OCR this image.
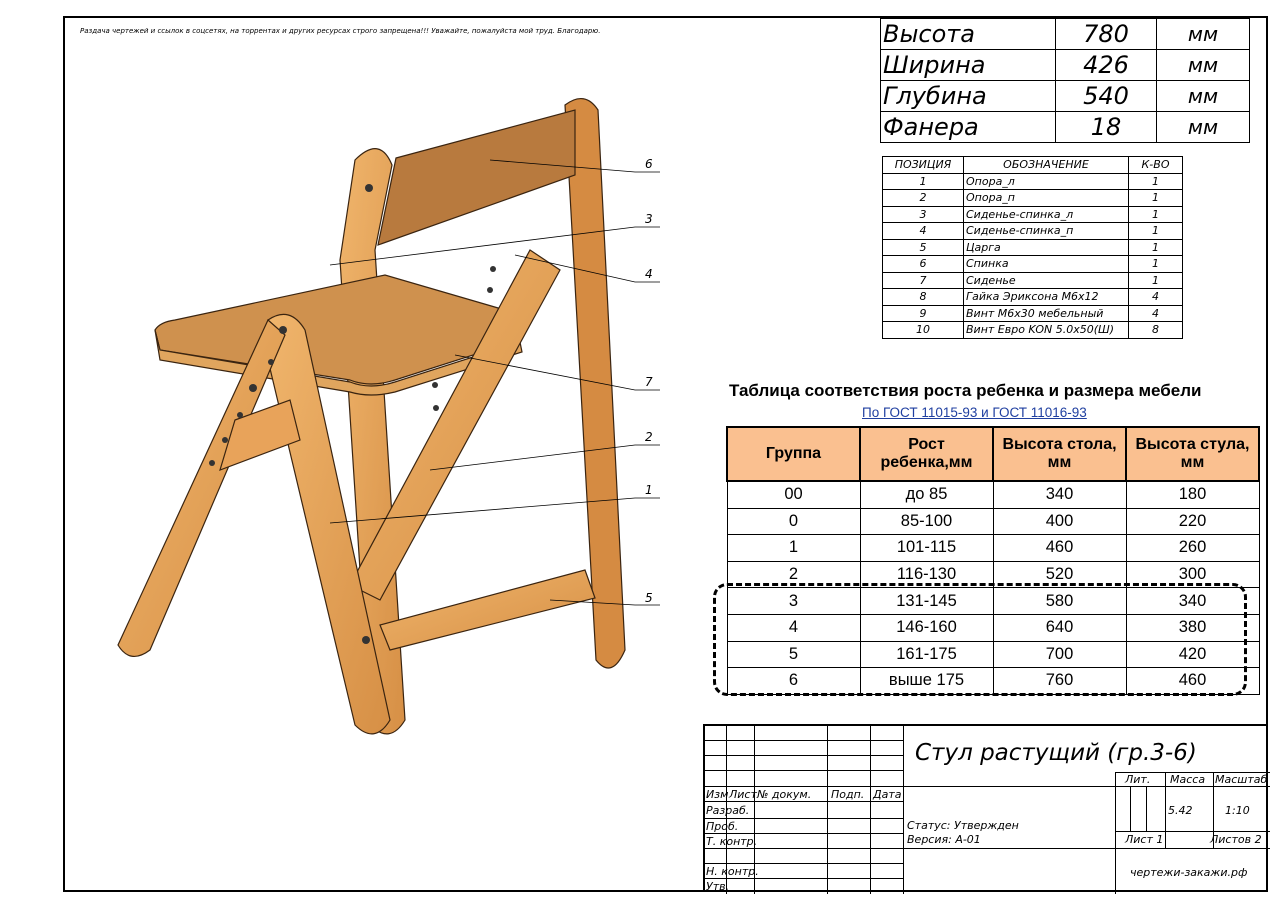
Раздача чертежей и ссылок в соцсетях, на торрентах и других ресурсах строго запрещена!!! Уважайте, пожалуйста мой труд. Благодарю.
6
3
4
7
2
1
5
Высота	780	мм
Ширина	426	мм
Глубина	540	мм
Фанера	18	мм
ПОЗИЦИЯ	ОБОЗНАЧЕНИЕ	К-ВО
1	Опора_л	1
2	Опора_п	1
3	Сиденье-спинка_л	1
4	Сиденье-спинка_п	1
5	Царга	1
6	Спинка	1
7	Сиденье	1
8	Гайка Эриксона М6х12	4
9	Винт М6х30 мебельный	4
10	Винт Евро KON 5.0х50(Ш)	8
Таблица соответствия роста ребенка и размера мебели
По ГОСТ 11015-93 и ГОСТ 11016-93
Группа	Рост ребенка,мм	Высота стола, мм	Высота стула, мм
00	до 85	340	180
0	85-100	400	220
1	101-115	460	260
2	116-130	520	300
3	131-145	580	340
4	146-160	640	380
5	161-175	700	420
6	выше 175	760	460
Стул растущий (гр.3-6)
Изм Лист № докум. Подп. Дата
Разраб.
Проб.
Т. контр.
Н. контр.
Утв.
Статус: Утвержден
Версия: А-01
Лит. Масса Масштаб
5.42	1:10
Лист 1	Листов 2
чертежи-закажи.рф
